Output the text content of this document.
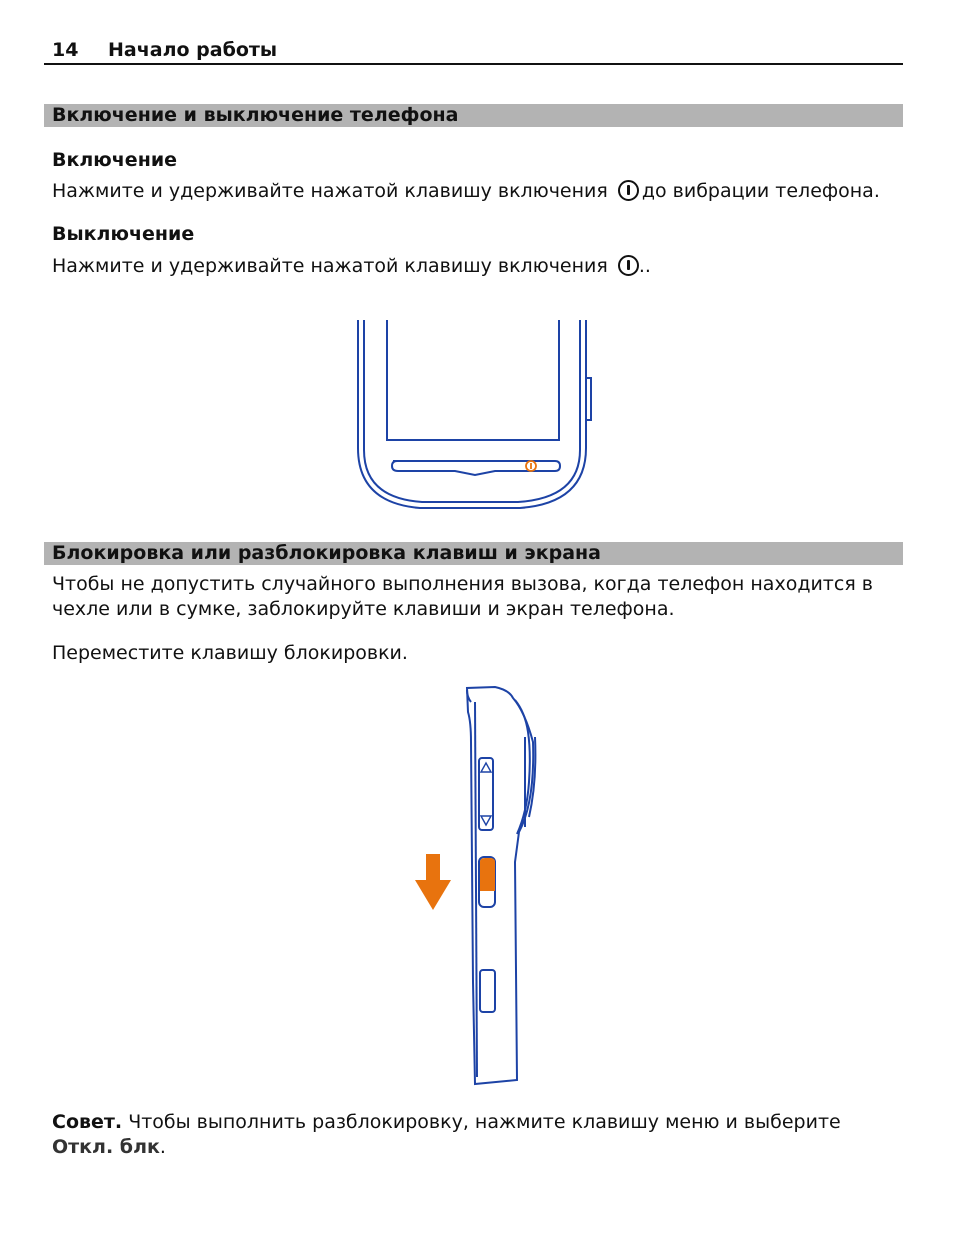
14 Начало работы
Включение и выключение телефона
Включение
Нажмите и удерживайте нажатой клавишу включения до вибрации телефона.
Выключение
Нажмите и удерживайте нажатой клавишу включения ..
Блокировка или разблокировка клавиш и экрана
Чтобы не допустить случайного выполнения вызова, когда телефон находится в
чехле или в сумке, заблокируйте клавиши и экран телефона.
Переместите клавишу блокировки.
Совет. Чтобы выполнить разблокировку, нажмите клавишу меню и выберите
Откл. блк.
